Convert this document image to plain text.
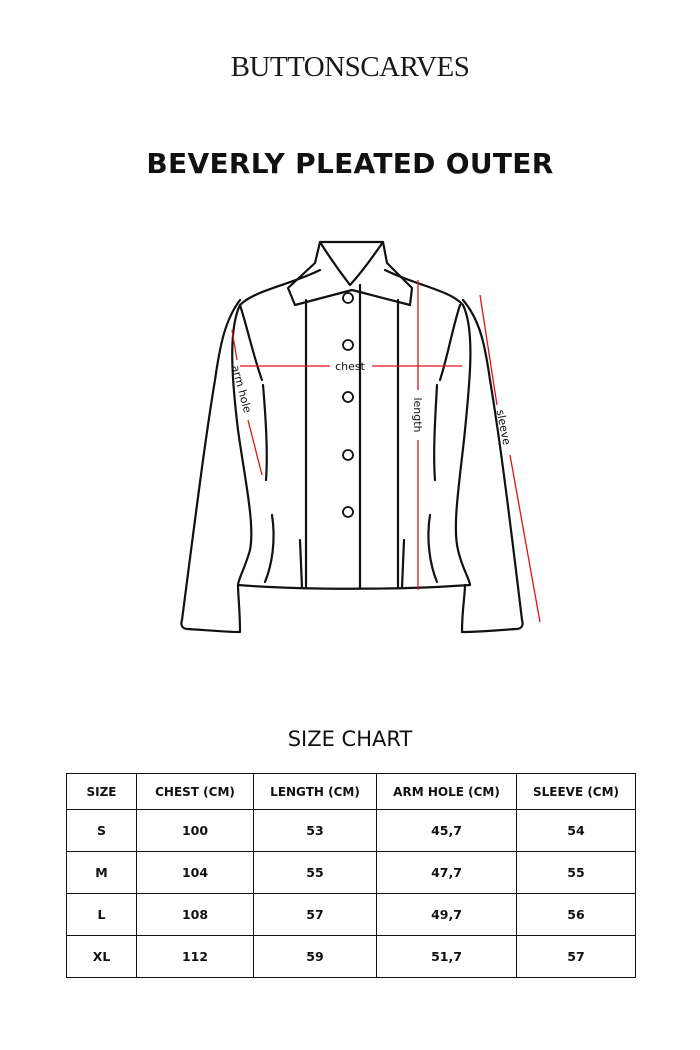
BUTTONSCARVES
BEVERLY PLEATED OUTER
chest
length
arm hole
sleeve
SIZE CHART
SIZE	CHEST (CM)	LENGTH (CM)	ARM HOLE (CM)	SLEEVE (CM)
S	100	53	45,7	54
M	104	55	47,7	55
L	108	57	49,7	56
XL	112	59	51,7	57
